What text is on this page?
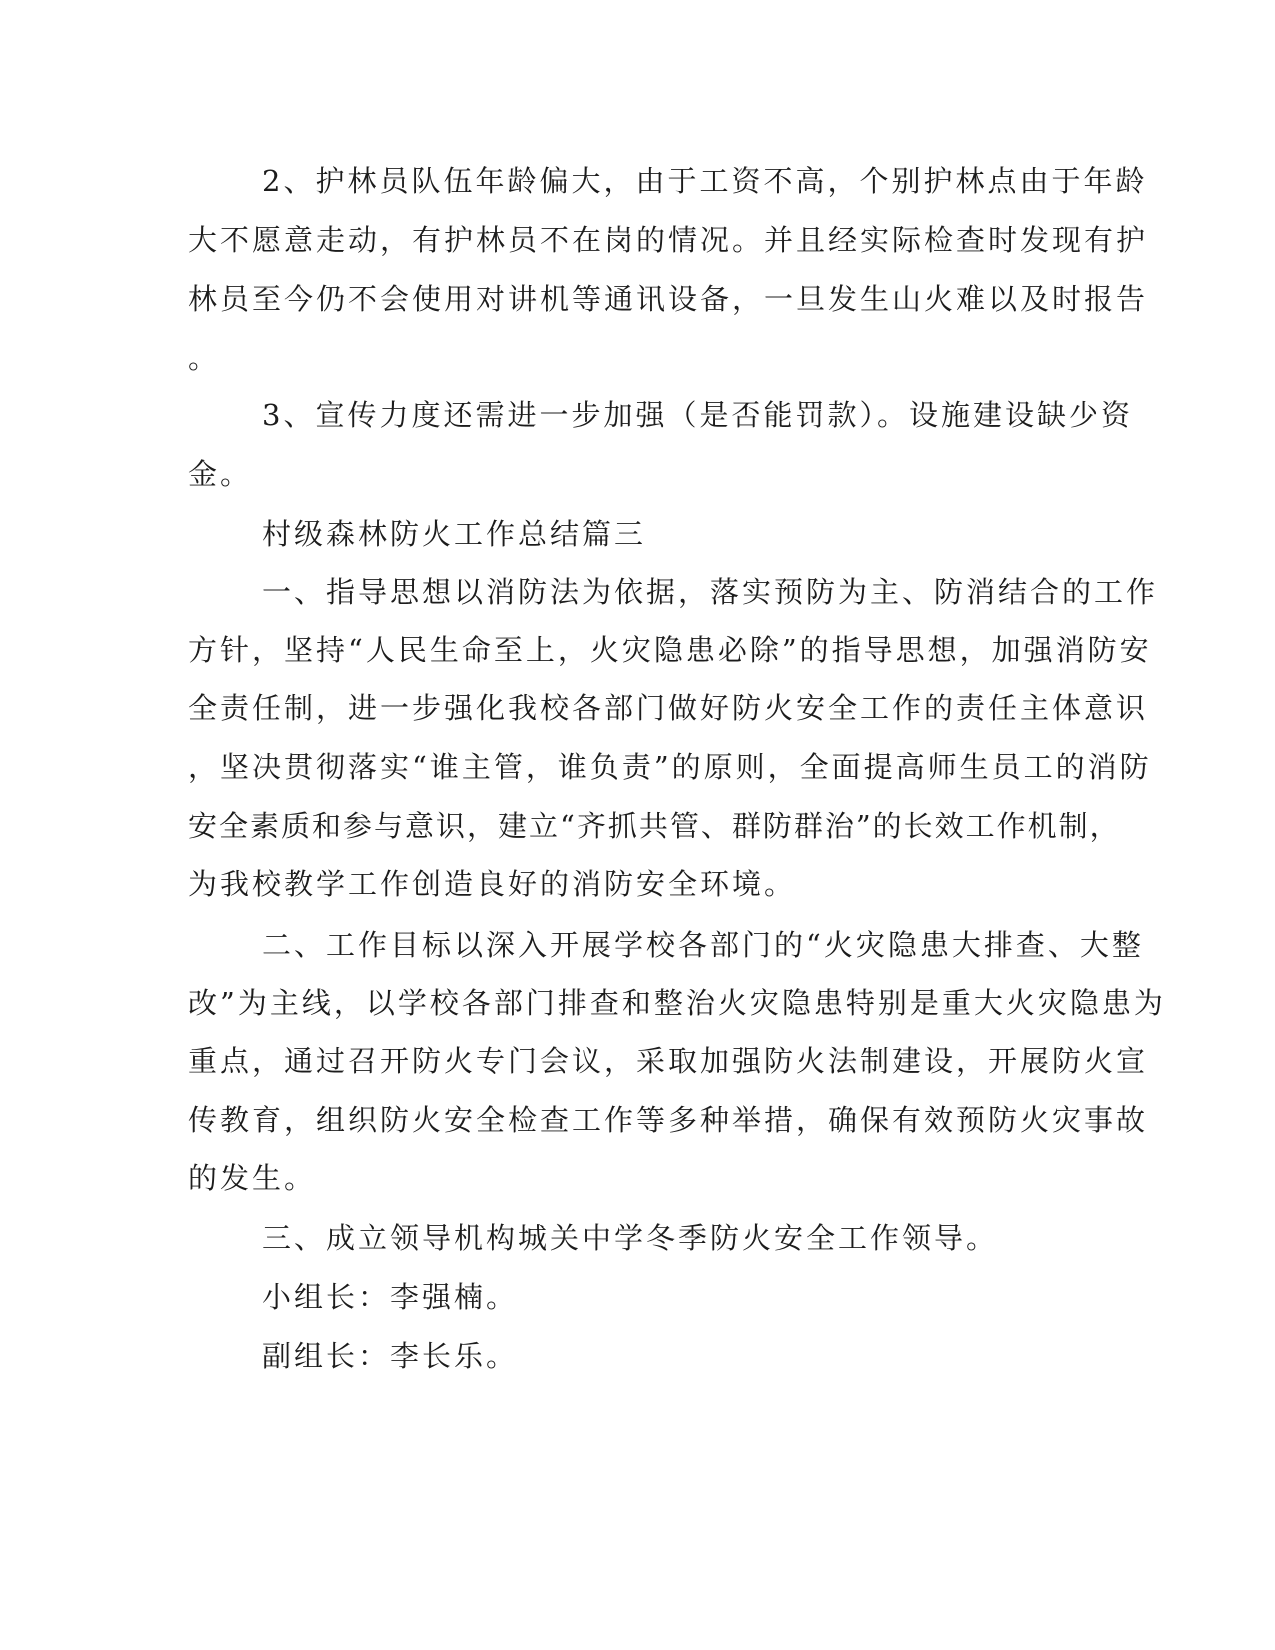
2、护林员队伍年龄偏大，由于工资不高，个别护林点由于年龄
大不愿意走动，有护林员不在岗的情况。并且经实际检查时发现有护
林员至今仍不会使用对讲机等通讯设备，一旦发生山火难以及时报告
。
3、宣传力度还需进一步加强（是否能罚款）。设施建设缺少资
金。
村级森林防火工作总结篇三
一、指导思想以消防法为依据，落实预防为主、防消结合的工作
方针，坚持“人民生命至上，火灾隐患必除”的指导思想，加强消防安
全责任制，进一步强化我校各部门做好防火安全工作的责任主体意识
，坚决贯彻落实“谁主管，谁负责”的原则，全面提高师生员工的消防
安全素质和参与意识，建立“齐抓共管、群防群治”的长效工作机制，
为我校教学工作创造良好的消防安全环境。
二、工作目标以深入开展学校各部门的“火灾隐患大排查、大整
改”为主线，以学校各部门排查和整治火灾隐患特别是重大火灾隐患为
重点，通过召开防火专门会议，采取加强防火法制建设，开展防火宣
传教育，组织防火安全检查工作等多种举措，确保有效预防火灾事故
的发生。
三、成立领导机构城关中学冬季防火安全工作领导。
小组长：李强楠。
副组长：李长乐。
